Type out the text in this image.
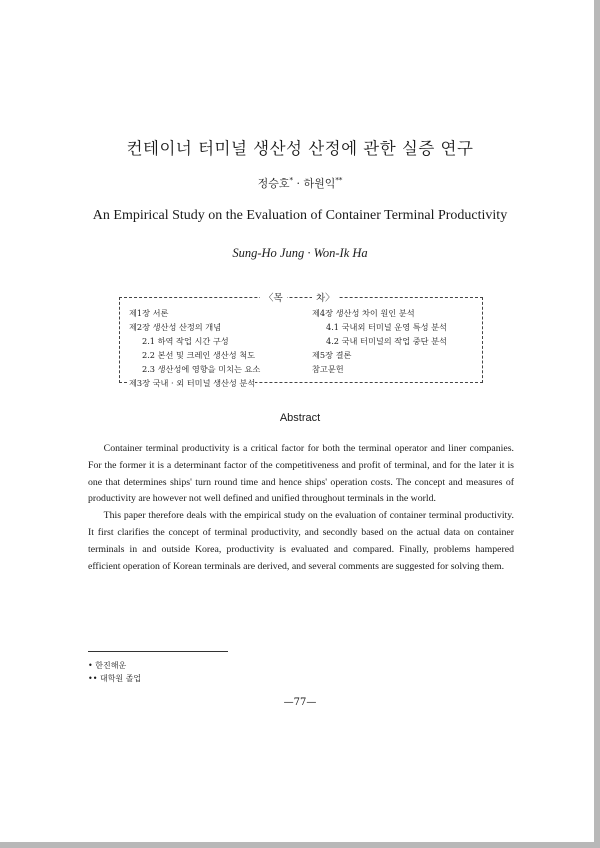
컨테이너 터미널 생산성 산정에 관한 실증 연구
정승호* · 하원익**
An Empirical Study on the Evaluation of Container Terminal Productivity
Sung-Ho Jung · Won-Ik Ha
〈목	차〉
제1장 서론
제2장 생산성 산정의 개념
2.1 하역 작업 시간 구성
2.2 본선 및 크레인 생산성 척도
2.3 생산성에 영향을 미치는 요소
제3장 국내 · 외 터미널 생산성 분석
제4장 생산성 차이 원인 분석
4.1 국내외 터미널 운영 특성 분석
4.2 국내 터미널의 작업 중단 분석
제5장 결론
참고문헌
Abstract

Container terminal productivity is a critical factor for both the terminal operator and liner companies. For the former it is a determinant factor of the competitiveness and profit of terminal, and for the later it is one that determines ships' turn round time and hence ships' operation costs. The concept and measures of productivity are however not well defined and unified throughout terminals in the world.

This paper therefore deals with the empirical study on the evaluation of container terminal productivity. It first clarifies the concept of terminal productivity, and secondly based on the actual data on container terminals in and outside Korea, productivity is evaluated and compared. Finally, problems hampered efficient operation of Korean terminals are derived, and several comments are suggested for solving them.

• 한진해운
•• 대학원 졸업
—77—
